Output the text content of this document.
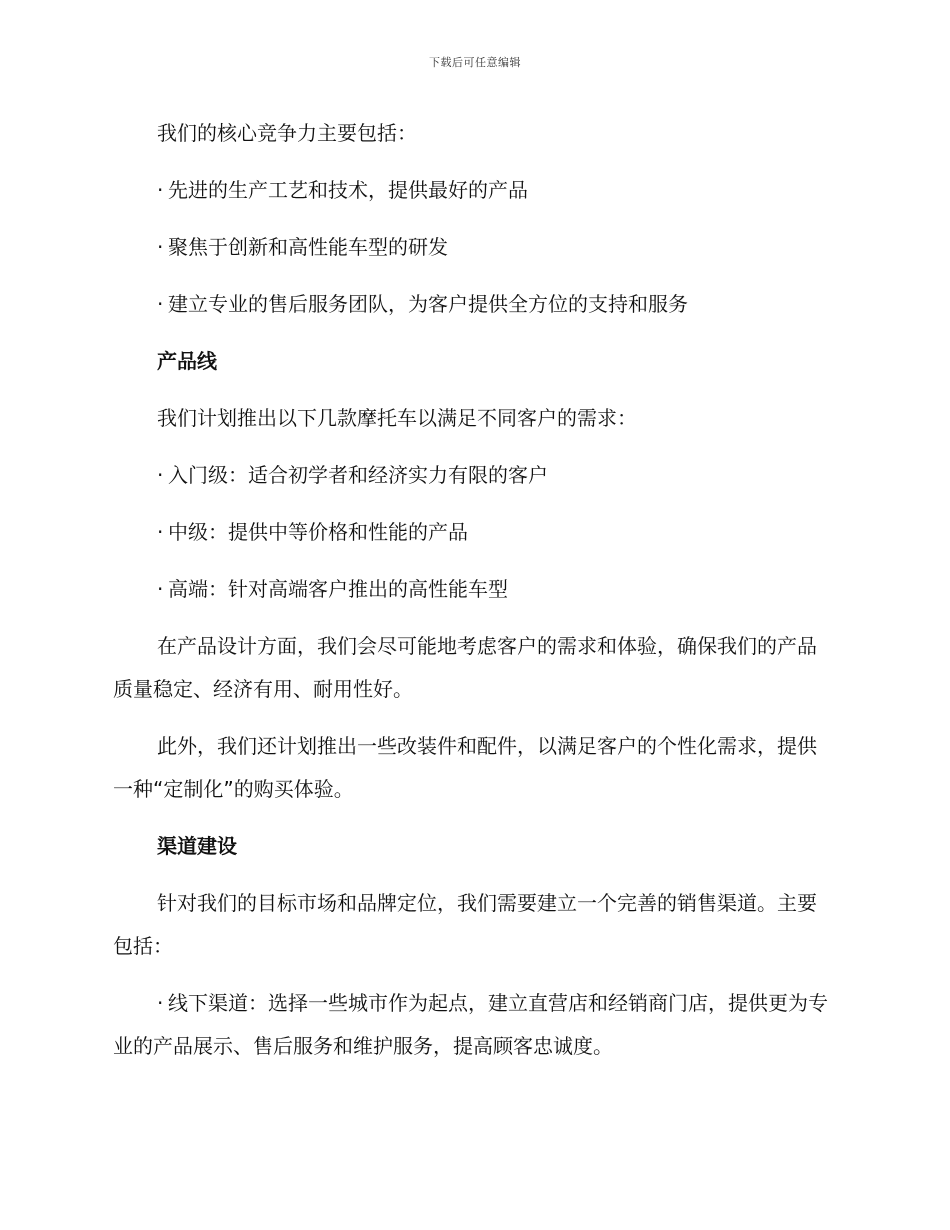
下载后可任意编辑

我们的核心竞争力主要包括：

· 先进的生产工艺和技术，提供最好的产品

· 聚焦于创新和高性能车型的研发

· 建立专业的售后服务团队，为客户提供全方位的支持和服务

产品线

我们计划推出以下几款摩托车以满足不同客户的需求：

· 入门级：适合初学者和经济实力有限的客户

· 中级：提供中等价格和性能的产品

· 高端：针对高端客户推出的高性能车型

在产品设计方面，我们会尽可能地考虑客户的需求和体验，确保我们的产品质量稳定、经济有用、耐用性好。

此外，我们还计划推出一些改装件和配件，以满足客户的个性化需求，提供一种“定制化”的购买体验。

渠道建设

针对我们的目标市场和品牌定位，我们需要建立一个完善的销售渠道。主要包括：

· 线下渠道：选择一些城市作为起点，建立直营店和经销商门店，提供更为专业的产品展示、售后服务和维护服务，提高顾客忠诚度。
